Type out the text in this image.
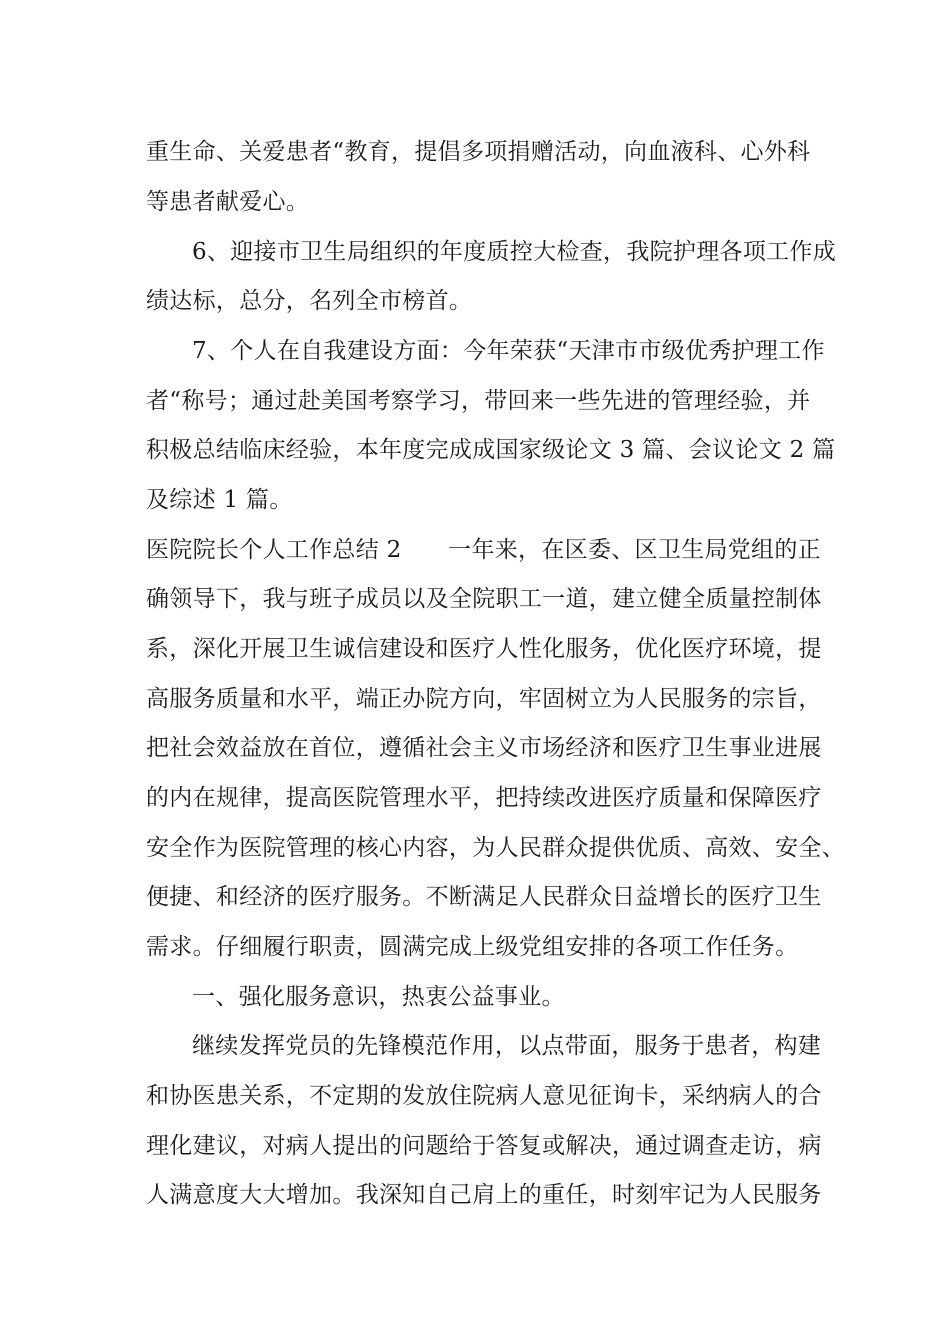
重生命、关爱患者“教育，提倡多项捐赠活动，向血液科、心外科
等患者献爱心。
6、迎接市卫生局组织的年度质控大检查，我院护理各项工作成
绩达标，总分，名列全市榜首。
7、个人在自我建设方面：今年荣获“天津市市级优秀护理工作
者“称号；通过赴美国考察学习，带回来一些先进的管理经验，并
积极总结临床经验，本年度完成成国家级论文 3 篇、会议论文 2 篇
及综述 1 篇。
医院院长个人工作总结 2　　一年来，在区委、区卫生局党组的正
确领导下，我与班子成员以及全院职工一道，建立健全质量控制体
系，深化开展卫生诚信建设和医疗人性化服务，优化医疗环境，提
高服务质量和水平，端正办院方向，牢固树立为人民服务的宗旨，
把社会效益放在首位，遵循社会主义市场经济和医疗卫生事业进展
的内在规律，提高医院管理水平，把持续改进医疗质量和保障医疗
安全作为医院管理的核心内容，为人民群众提供优质、高效、安全、
便捷、和经济的医疗服务。不断满足人民群众日益增长的医疗卫生
需求。仔细履行职责，圆满完成上级党组安排的各项工作任务。
一、强化服务意识，热衷公益事业。
继续发挥党员的先锋模范作用，以点带面，服务于患者，构建
和协医患关系，不定期的发放住院病人意见征询卡，采纳病人的合
理化建议，对病人提出的问题给于答复或解决，通过调查走访，病
人满意度大大增加。我深知自己肩上的重任，时刻牢记为人民服务
